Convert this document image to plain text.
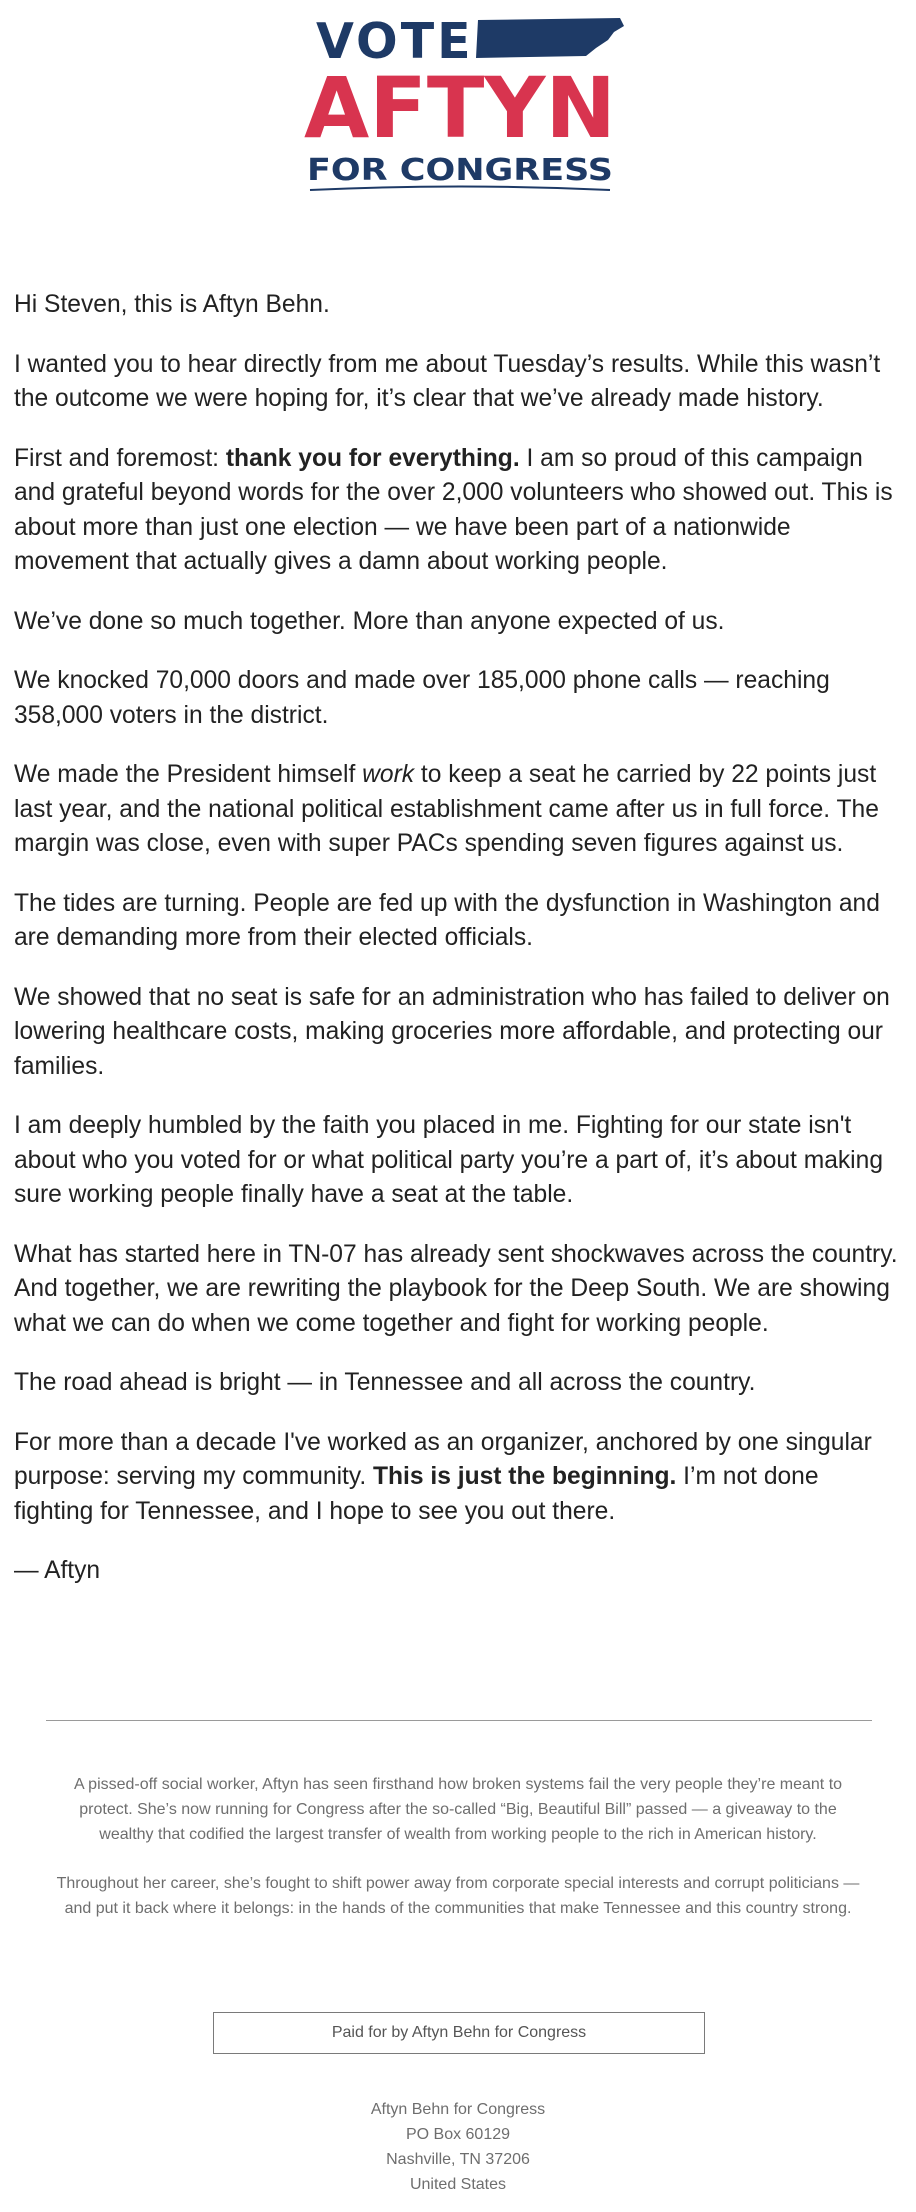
VOTE
AFTYN
FOR CONGRESS

Hi Steven, this is Aftyn Behn.

I wanted you to hear directly from me about Tuesday’s results. While this wasn’t the outcome we were hoping for, it’s clear that we’ve already made history.

First and foremost: thank you for everything. I am so proud of this campaign and grateful beyond words for the over 2,000 volunteers who showed out. This is about more than just one election — we have been part of a nationwide movement that actually gives a damn about working people.

We’ve done so much together. More than anyone expected of us.

We knocked 70,000 doors and made over 185,000 phone calls — reaching 358,000 voters in the district.

We made the President himself work to keep a seat he carried by 22 points just last year, and the national political establishment came after us in full force. The margin was close, even with super PACs spending seven figures against us.

The tides are turning. People are fed up with the dysfunction in Washington and are demanding more from their elected officials.

We showed that no seat is safe for an administration who has failed to deliver on lowering healthcare costs, making groceries more affordable, and protecting our families.

I am deeply humbled by the faith you placed in me. Fighting for our state isn't about who you voted for or what political party you’re a part of, it’s about making sure working people finally have a seat at the table.

What has started here in TN-07 has already sent shockwaves across the country. And together, we are rewriting the playbook for the Deep South. We are showing what we can do when we come together and fight for working people.

The road ahead is bright — in Tennessee and all across the country.

For more than a decade I've worked as an organizer, anchored by one singular purpose: serving my community. This is just the beginning. I’m not done fighting for Tennessee, and I hope to see you out there.

— Aftyn

A pissed-off social worker, Aftyn has seen firsthand how broken systems fail the very people they’re meant to protect. She’s now running for Congress after the so-called “Big, Beautiful Bill” passed — a giveaway to the wealthy that codified the largest transfer of wealth from working people to the rich in American history.

Throughout her career, she’s fought to shift power away from corporate special interests and corrupt politicians — and put it back where it belongs: in the hands of the communities that make Tennessee and this country strong.

Paid for by Aftyn Behn for Congress
Aftyn Behn for Congress
PO Box 60129
Nashville, TN 37206
United States
